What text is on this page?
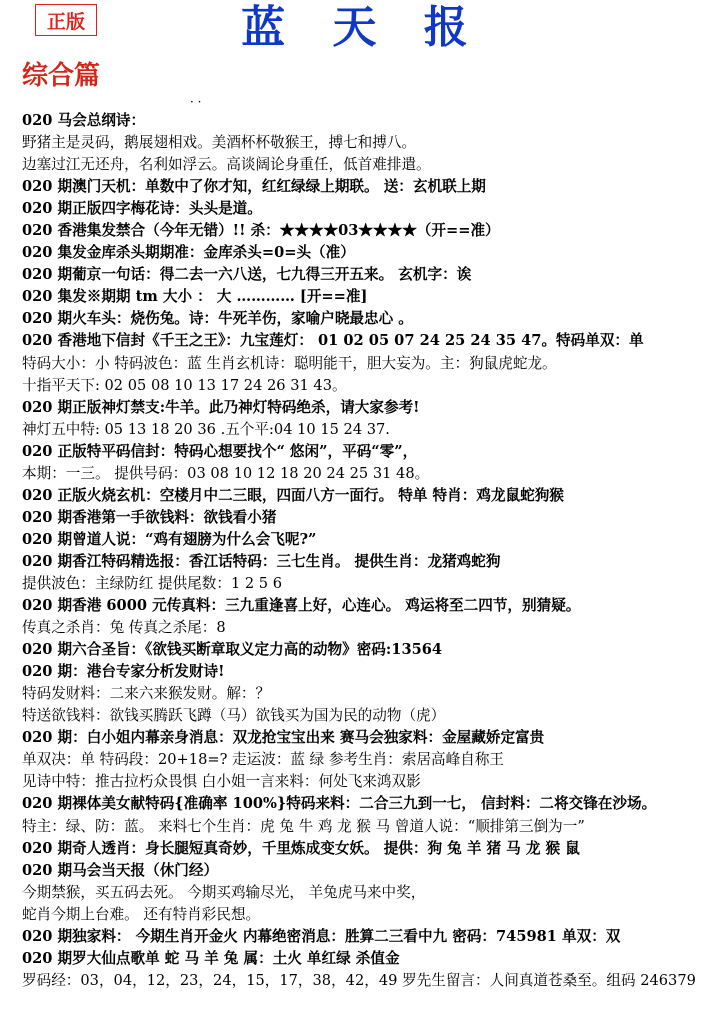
正版	蓝 天 报
综合篇
· ·
020 马会总纲诗：
野猪主是灵码，鹅展翅相戏。美酒杯杯敬猴王，搏七和搏八。
边塞过江无还舟，名利如浮云。高谈阔论身重任，低首难排遣。
020 期澳门天机：单数中了你才知，红红绿绿上期联。 送：玄机联上期
020 期正版四字梅花诗：头头是道。
020 香港集发禁合（今年无错）!! 杀：★★★★03★★★★（开==准）
020 集发金库杀头期期准：金库杀头=0=头（准）
020 期葡京一句话：得二去一六八送，七九得三开五来。 玄机字：诶
020 集发※期期 tm 大小 ： 大 ………… [开==准]
020 期火车头：烧伤兔。诗：牛死羊伤，家喻户晓最忠心 。
020 香港地下信封《千王之王》：九宝莲灯： 01 02 05 07 24 25 24 35 47。特码单双：单
特码大小：小 特码波色：蓝 生肖玄机诗：聪明能干，胆大妄为。主：狗鼠虎蛇龙。
十指平天下: 02 05 08 10 13 17 24 26 31 43。
020 期正版神灯禁支:牛羊。此乃神灯特码绝杀，请大家参考!
神灯五中特: 05 13 18 20 36 .五个平:04 10 15 24 37.
020 正版特平码信封：特码心想要找个“ 悠闲”，平码“零”，
本期：一三。 提供号码：03 08 10 12 18 20 24 25 31 48。
020 正版火烧玄机：空楼月中二三眼，四面八方一面行。 特单 特肖：鸡龙鼠蛇狗猴
020 期香港第一手欲钱料：欲钱看小猪
020 期曾道人说：“鸡有翅膀为什么会飞呢?”
020 期香江特码精选报：香江话特码：三七生肖。 提供生肖：龙猪鸡蛇狗
提供波色：主绿防红 提供尾数：1 2 5 6
020 期香港 6000 元传真料：三九重逢喜上好，心连心。 鸡运将至二四节，别猜疑。
传真之杀肖：兔 传真之杀尾：8
020 期六合圣旨：《欲钱买断章取义定力高的动物》密码:13564
020 期：港台专家分析发财诗!
特码发财料：二来六来猴发财。解：？
特送欲钱料：欲钱买腾跃飞蹲（马）欲钱买为国为民的动物（虎）
020 期：白小姐内幕亲身消息：双龙抢宝宝出来 赛马会独家料：金屋藏娇定富贵
单双决：单 特码段：20+18=? 走运波：蓝 绿 参考生肖：索居高峰自称王
见诗中特：推古拉朽众畏惧 白小姐一言来料：何处飞来鸿双影
020 期裸体美女献特码{准确率 100%}特码来料：二合三九到一七， 信封料：二将交锋在沙场。
特主：绿、防：蓝。 来料七个生肖：虎 兔 牛 鸡 龙 猴 马 曾道人说：“顺排第三倒为一”
020 期奇人透肖：身长腿短真奇妙，千里炼成变女妖。 提供：狗 兔 羊 猪 马 龙 猴 鼠
020 期马会当天报（休门经）
今期禁猴，买五码去死。 今期买鸡输尽光， 羊兔虎马来中奖，
蛇肖今期上台难。 还有特肖彩民想。
020 期独家料： 今期生肖开金火 内幕绝密消息：胜算二三看中九 密码：745981 单双：双
020 期罗大仙点歌单 蛇 马 羊 兔 属：土火 单红绿 杀值金
罗码经：03，04，12，23，24，15，17，38，42，49 罗先生留言：人间真道苍桑至。组码 246379
